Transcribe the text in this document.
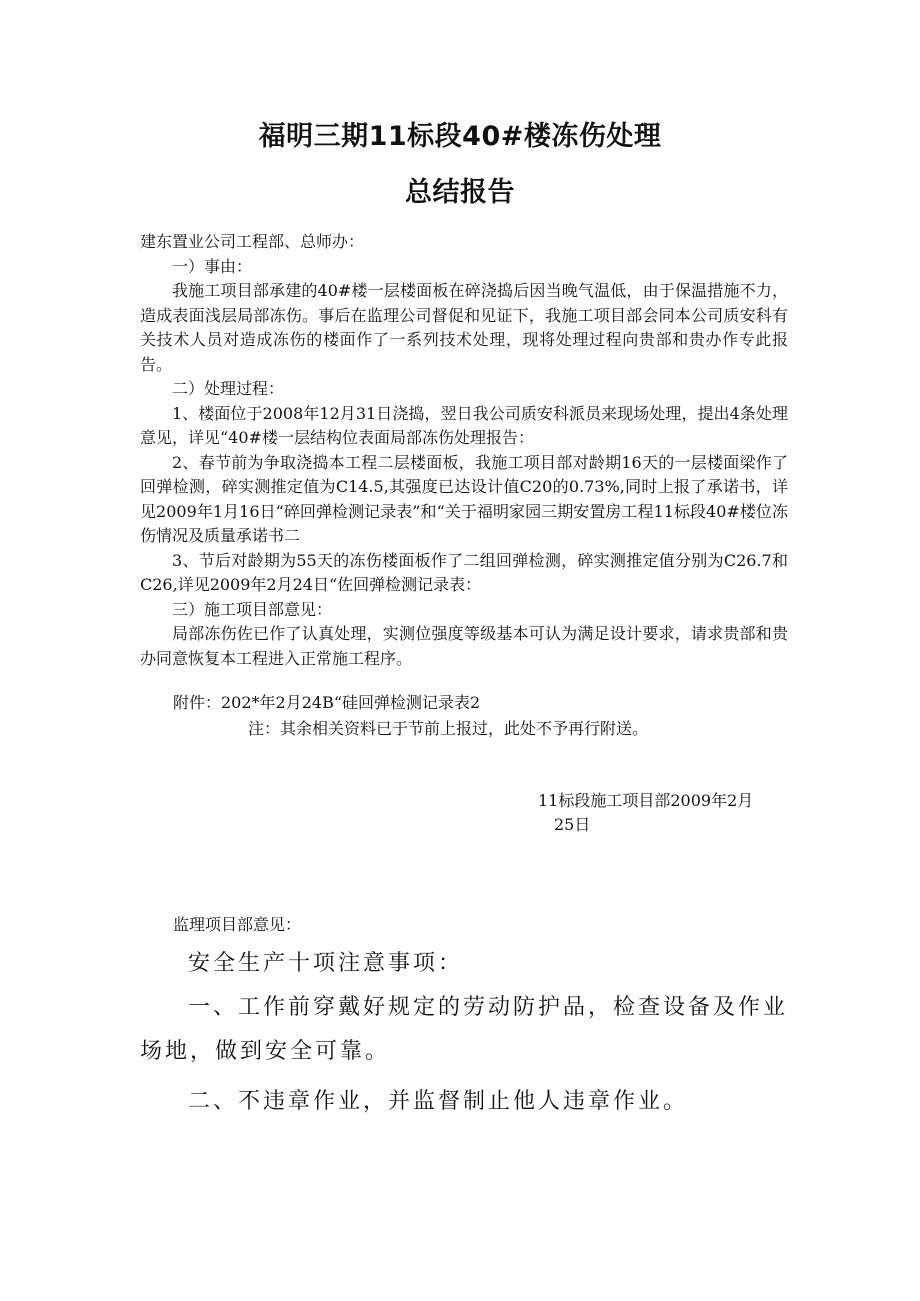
福明三期11标段40#楼冻伤处理
总结报告

建东置业公司工程部、总师办：

一）事由：

我施工项目部承建的40#楼一层楼面板在碎浇捣后因当晚气温低，由于保温措施不力，造成表面浅层局部冻伤。事后在监理公司督促和见证下，我施工项目部会同本公司质安科有关技术人员对造成冻伤的楼面作了一系列技术处理，现将处理过程向贵部和贵办作专此报告。

二）处理过程：

1、楼面位于2008年12月31日浇捣，翌日我公司质安科派员来现场处理，提出4条处理意见，详见“40#楼一层结构位表面局部冻伤处理报告：

2、春节前为争取浇捣本工程二层楼面板，我施工项目部对龄期16天的一层楼面梁作了回弹检测，碎实测推定值为C14.5,其强度已达设计值C20的0.73%,同时上报了承诺书，详见2009年1月16日“碎回弹检测记录表”和“关于福明家园三期安置房工程11标段40#楼位冻伤情况及质量承诺书二

3、节后对龄期为55天的冻伤楼面板作了二组回弹检测，碎实测推定值分别为C26.7和C26,详见2009年2月24日“佐回弹检测记录表：

三）施工项目部意见：

局部冻伤佐已作了认真处理，实测位强度等级基本可认为满足设计要求，请求贵部和贵办同意恢复本工程进入正常施工程序。

附件：202*年2月24B“硅回弹检测记录表2
注：其余相关资料已于节前上报过，此处不予再行附送。
11标段施工项目部2009年2月
25日
监理项目部意见：

安全生产十项注意事项：

一、工作前穿戴好规定的劳动防护品，检查设备及作业场地，做到安全可靠。

二、不违章作业，并监督制止他人违章作业。
